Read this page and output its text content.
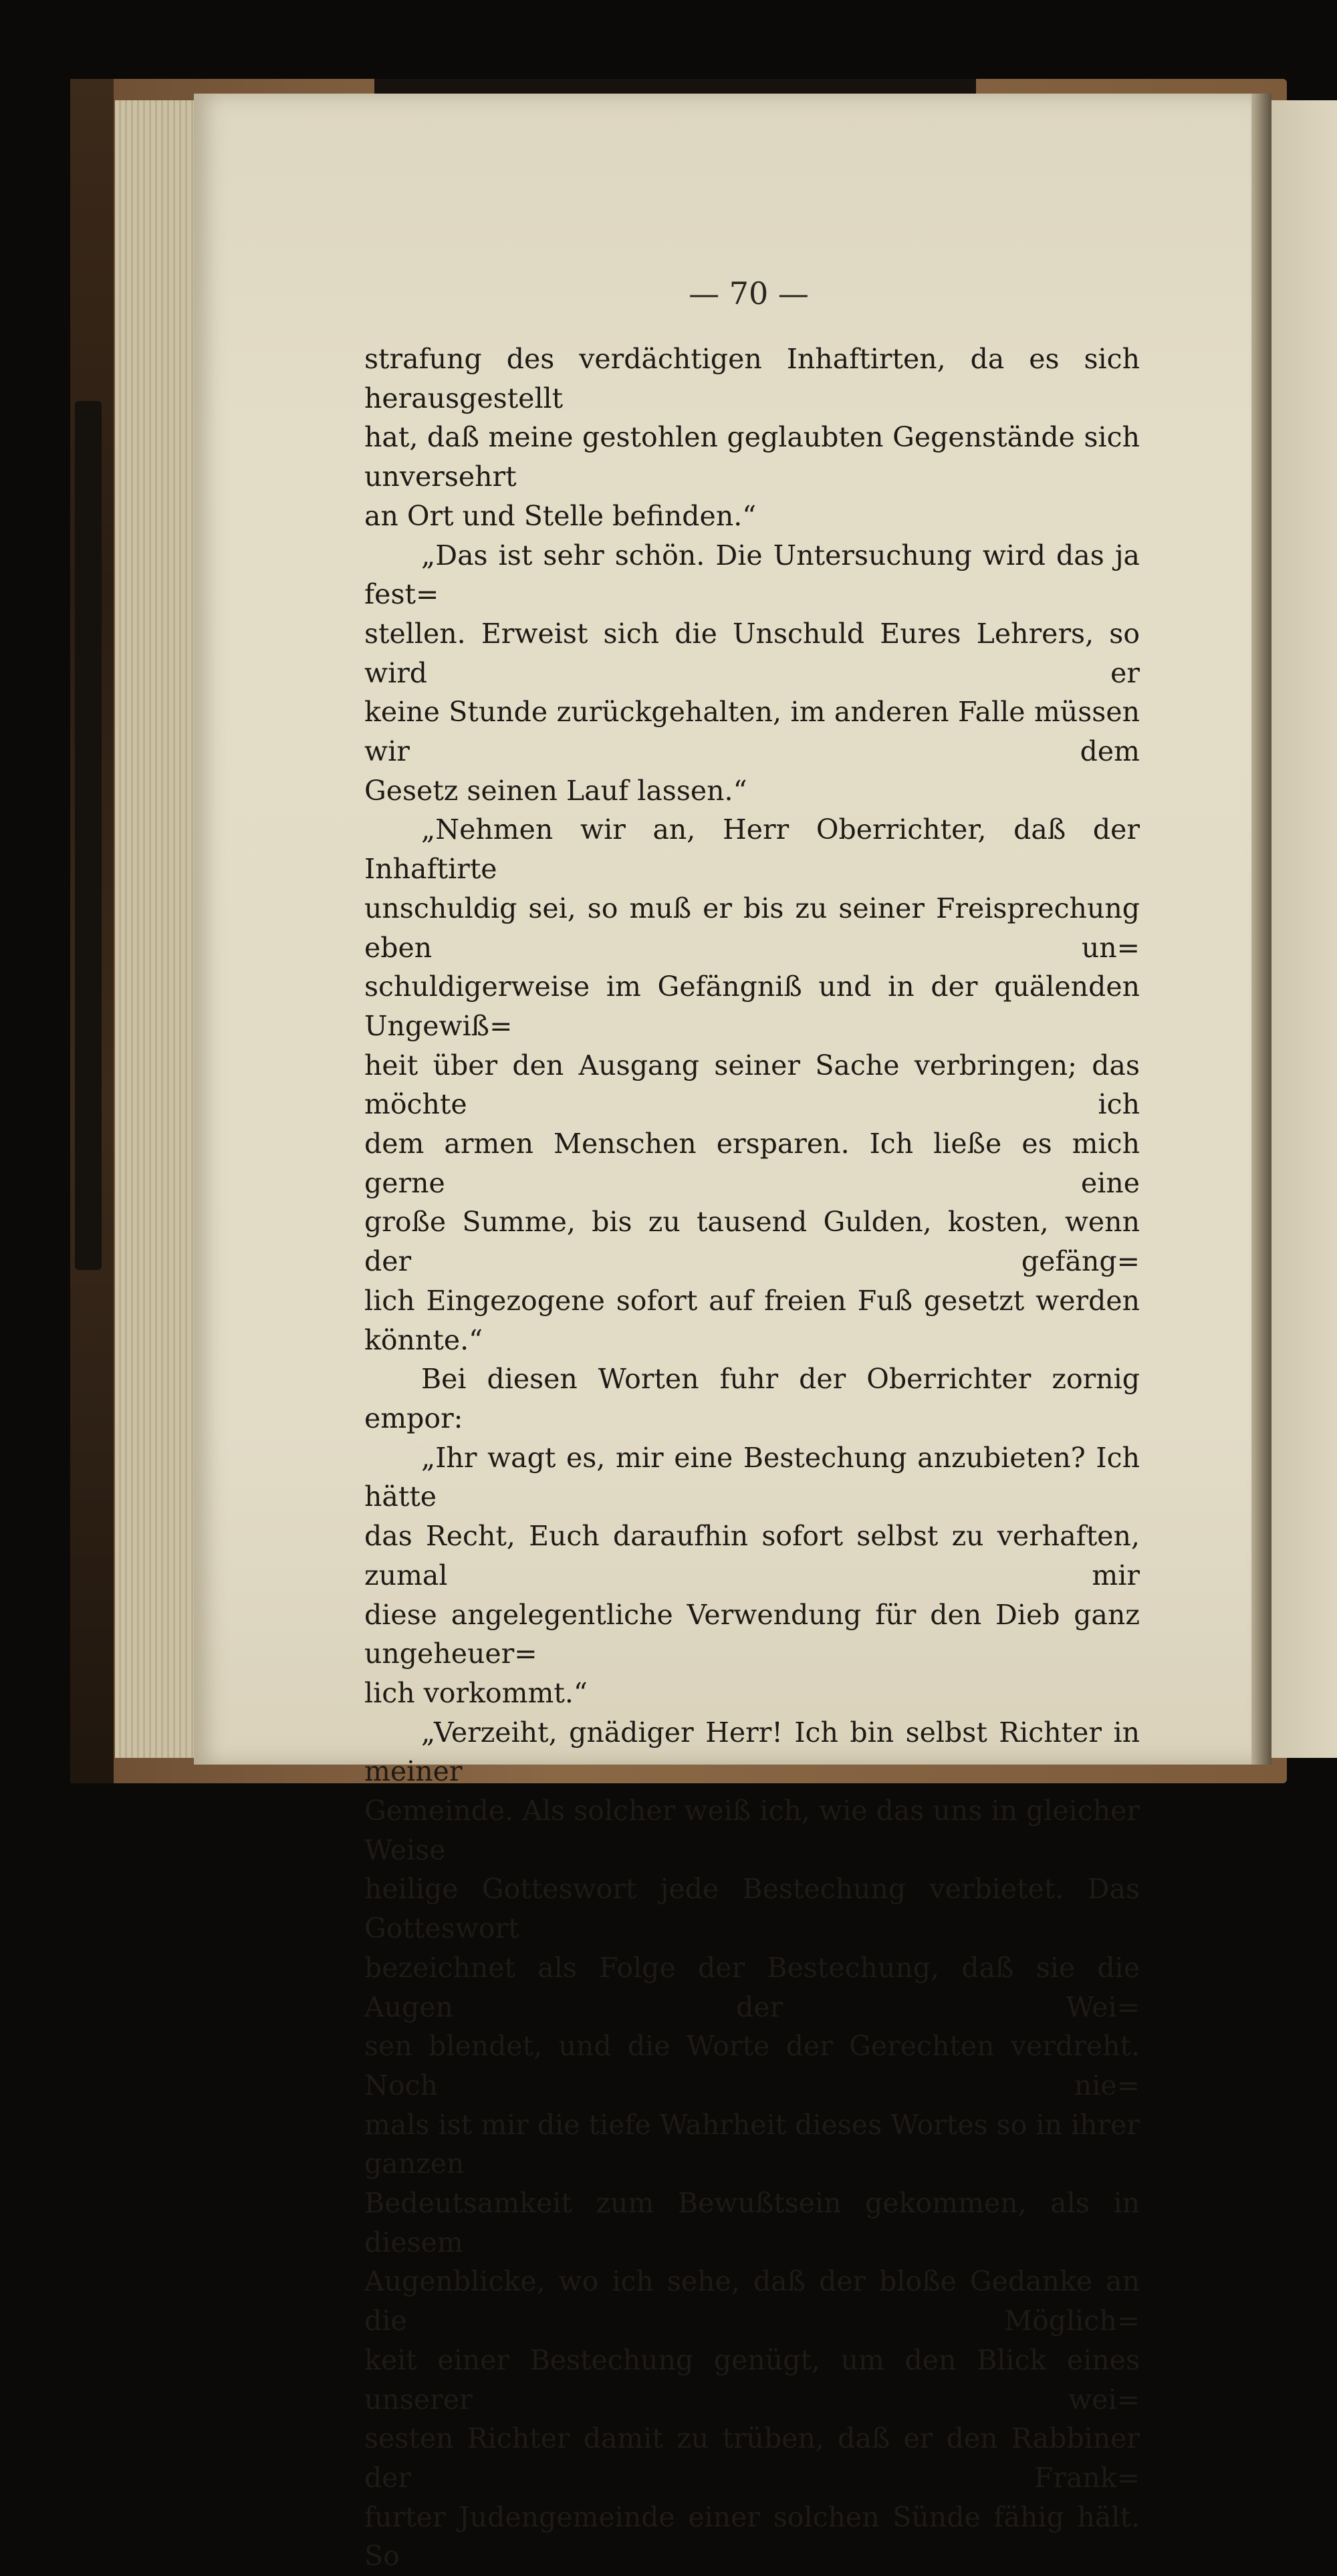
— 70 —

strafung des verdächtigen Inhaftirten, da es sich herausgestellt

hat, daß meine gestohlen geglaubten Gegenstände sich unversehrt

an Ort und Stelle befinden.“

„Das ist sehr schön. Die Untersuchung wird das ja fest=

stellen. Erweist sich die Unschuld Eures Lehrers, so wird er

keine Stunde zurückgehalten, im anderen Falle müssen wir dem

Gesetz seinen Lauf lassen.“

„Nehmen wir an, Herr Oberrichter, daß der Inhaftirte

unschuldig sei, so muß er bis zu seiner Freisprechung eben un=

schuldigerweise im Gefängniß und in der quälenden Ungewiß=

heit über den Ausgang seiner Sache verbringen; das möchte ich

dem armen Menschen ersparen. Ich ließe es mich gerne eine

große Summe, bis zu tausend Gulden, kosten, wenn der gefäng=

lich Eingezogene sofort auf freien Fuß gesetzt werden könnte.“

Bei diesen Worten fuhr der Oberrichter zornig empor:

„Ihr wagt es, mir eine Bestechung anzubieten? Ich hätte

das Recht, Euch daraufhin sofort selbst zu verhaften, zumal mir

diese angelegentliche Verwendung für den Dieb ganz ungeheuer=

lich vorkommt.“

„Verzeiht, gnädiger Herr! Ich bin selbst Richter in meiner

Gemeinde. Als solcher weiß ich, wie das uns in gleicher Weise

heilige Gotteswort jede Bestechung verbietet. Das Gotteswort

bezeichnet als Folge der Bestechung, daß sie die Augen der Wei=

sen blendet, und die Worte der Gerechten verdreht. Noch nie=

mals ist mir die tiefe Wahrheit dieses Wortes so in ihrer ganzen

Bedeutsamkeit zum Bewußtsein gekommen, als in diesem

Augenblicke, wo ich sehe, daß der bloße Gedanke an die Möglich=

keit einer Bestechung genügt, um den Blick eines unserer wei=

sesten Richter damit zu trüben, daß er den Rabbiner der Frank=

furter Judengemeinde einer solchen Sünde fähig hält. So
